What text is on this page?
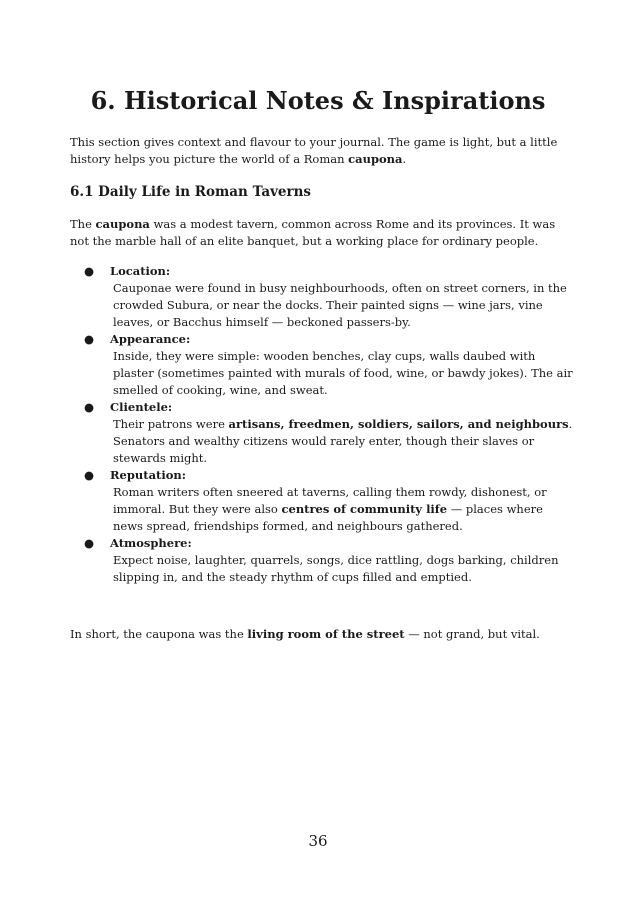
6. Historical Notes & Inspirations

This section gives context and flavour to your journal. The game is light, but a little history helps you picture the world of a Roman caupona.

6.1 Daily Life in Roman Taverns

The caupona was a modest tavern, common across Rome and its provinces. It was not the marble hall of an elite banquet, but a working place for ordinary people.

● Location:
Cauponae were found in busy neighbourhoods, often on street corners, in the crowded Subura, or near the docks. Their painted signs — wine jars, vine leaves, or Bacchus himself — beckoned passers-by.
● Appearance:
Inside, they were simple: wooden benches, clay cups, walls daubed with plaster (sometimes painted with murals of food, wine, or bawdy jokes). The air smelled of cooking, wine, and sweat.
● Clientele:
Their patrons were artisans, freedmen, soldiers, sailors, and neighbours. Senators and wealthy citizens would rarely enter, though their slaves or stewards might.
● Reputation:
Roman writers often sneered at taverns, calling them rowdy, dishonest, or immoral. But they were also centres of community life — places where news spread, friendships formed, and neighbours gathered.
● Atmosphere:
Expect noise, laughter, quarrels, songs, dice rattling, dogs barking, children slipping in, and the steady rhythm of cups filled and emptied.

In short, the caupona was the living room of the street — not grand, but vital.

36
